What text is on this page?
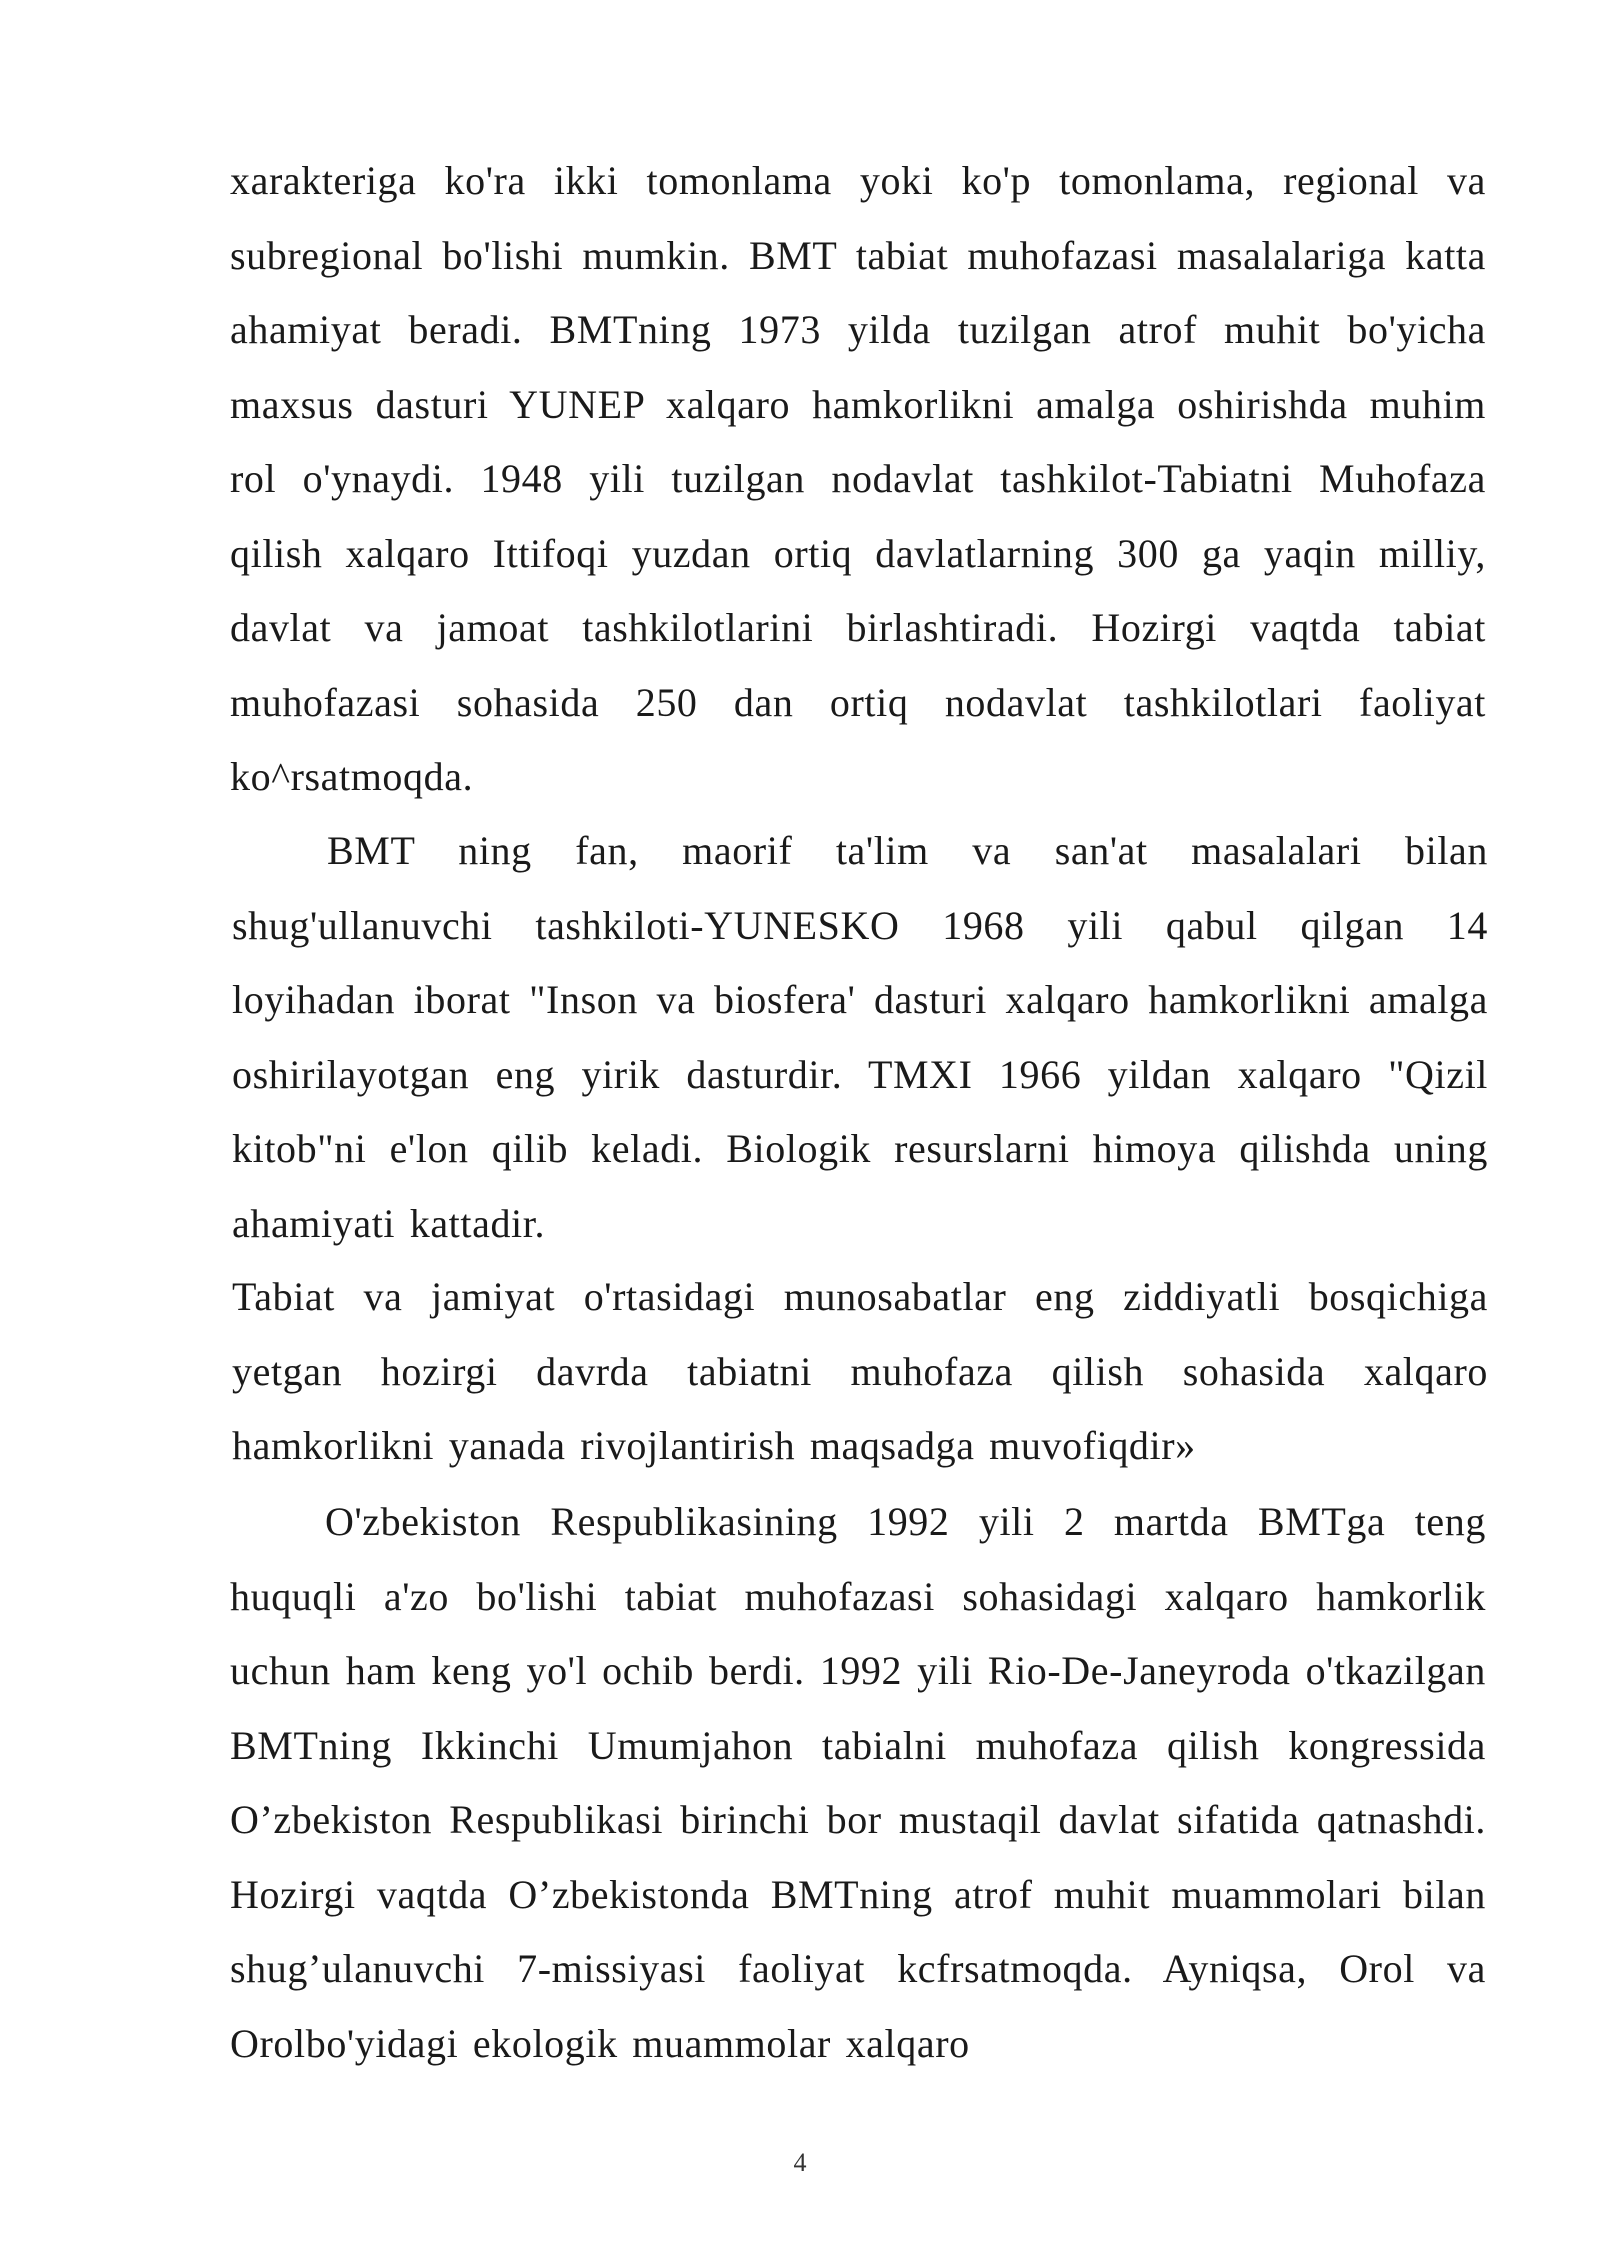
xarakteriga ko'ra ikki tomonlama yoki ko'p tomonlama, regional va subregional bo'lishi mumkin. BMT tabiat muhofazasi masalalariga katta ahamiyat beradi. BMTning 1973 yilda tuzilgan atrof muhit bo'yicha maxsus dasturi YUNEP xalqaro hamkorlikni amalga oshirishda muhim rol o'ynaydi. 1948 yili tuzilgan nodavlat tashkilot-Tabiatni Muhofaza qilish xalqaro Ittifoqi yuzdan ortiq davlatlarning 300 ga yaqin milliy, davlat va jamoat tashkilotlarini birlashtiradi. Hozirgi vaqtda tabiat muhofazasi sohasida 250 dan ortiq nodavlat tashkilotlari faoliyat ko^rsatmoqda.

BMT ning fan, maorif ta'lim va san'at masalalari bilan shug'ullanuvchi tashkiloti-YUNESKO 1968 yili qabul qilgan 14 loyihadan iborat "Inson va biosfera' dasturi xalqaro hamkorlikni amalga oshirilayotgan eng yirik dasturdir. TMXI 1966 yildan xalqaro "Qizil kitob"ni e'lon qilib keladi. Biologik resurslarni himoya qilishda uning ahamiyati kattadir.

Tabiat va jamiyat o'rtasidagi munosabatlar eng ziddiyatli bosqichiga yetgan hozirgi davrda tabiatni muhofaza qilish sohasida xalqaro hamkorlikni yanada rivojlantirish maqsadga muvofiqdir»

O'zbekiston Respublikasining 1992 yili 2 martda BMTga teng huquqli a'zo bo'lishi tabiat muhofazasi sohasidagi xalqaro hamkorlik uchun ham keng yo'l ochib berdi. 1992 yili Rio-De-Janeyroda o'tkazilgan BMTning Ikkinchi Umumjahon tabialni muhofaza qilish kongressida O’zbekiston Respublikasi birinchi bor mustaqil davlat sifatida qatnashdi. Hozirgi vaqtda O’zbekistonda BMTning atrof muhit muammolari bilan shug’ulanuvchi 7-missiyasi faoliyat kcfrsatmoqda. Ayniqsa, Orol va Orolbo'yidagi ekologik muammolar xalqaro

4
